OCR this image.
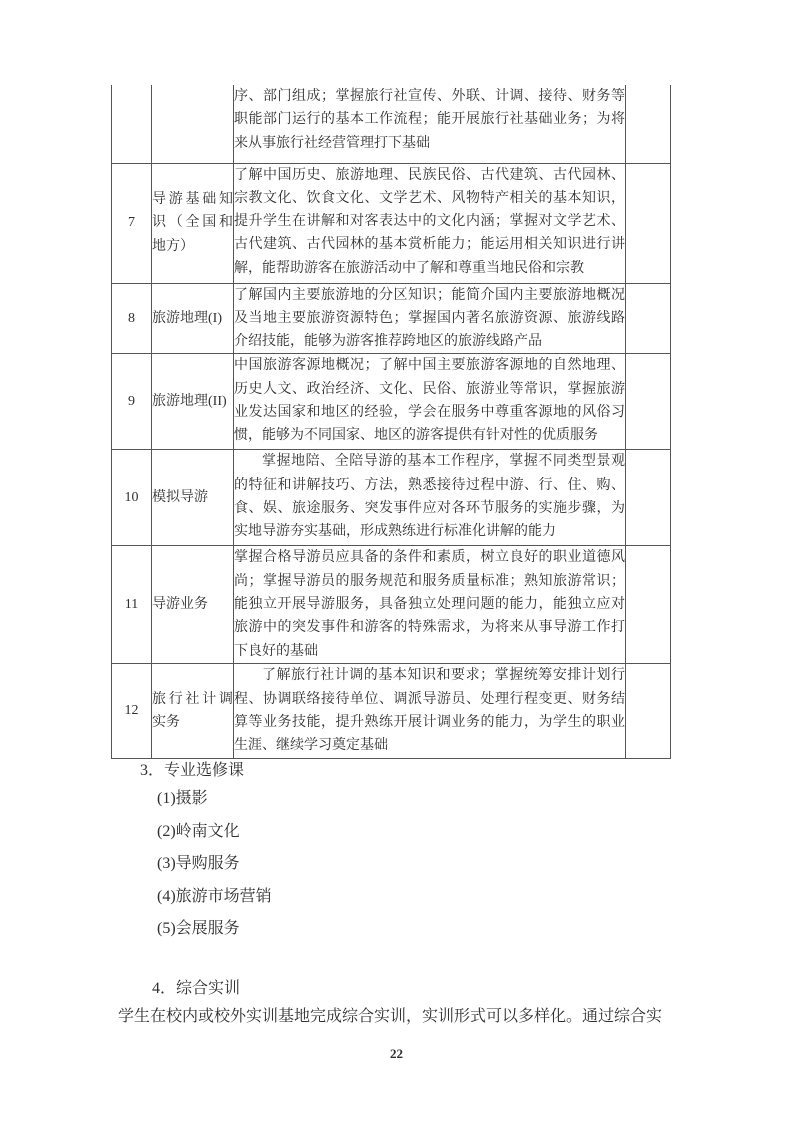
		序、部门组成；掌握旅行社宣传、外联、计调、接待、财务等职能部门运行的基本工作流程；能开展旅行社基础业务；为将来从事旅行社经营管理打下基础	
7	导游基础知识（全国和地方）	了解中国历史、旅游地理、民族民俗、古代建筑、古代园林、宗教文化、饮食文化、文学艺术、风物特产相关的基本知识，提升学生在讲解和对客表达中的文化内涵；掌握对文学艺术、古代建筑、古代园林的基本赏析能力；能运用相关知识进行讲解，能帮助游客在旅游活动中了解和尊重当地民俗和宗教	
8	旅游地理(I)	了解国内主要旅游地的分区知识；能简介国内主要旅游地概况及当地主要旅游资源特色；掌握国内著名旅游资源、旅游线路介绍技能，能够为游客推荐跨地区的旅游线路产品	
9	旅游地理(II)	中国旅游客源地概况；了解中国主要旅游客源地的自然地理、历史人文、政治经济、文化、民俗、旅游业等常识，掌握旅游业发达国家和地区的经验，学会在服务中尊重客源地的风俗习惯，能够为不同国家、地区的游客提供有针对性的优质服务	
10	模拟导游	掌握地陪、全陪导游的基本工作程序，掌握不同类型景观的特征和讲解技巧、方法，熟悉接待过程中游、行、住、购、食、娱、旅途服务、突发事件应对各环节服务的实施步骤，为实地导游夯实基础，形成熟练进行标准化讲解的能力	
11	导游业务	掌握合格导游员应具备的条件和素质，树立良好的职业道德风尚；掌握导游员的服务规范和服务质量标准；熟知旅游常识；能独立开展导游服务，具备独立处理问题的能力，能独立应对旅游中的突发事件和游客的特殊需求，为将来从事导游工作打下良好的基础	
12	旅行社计调实务	了解旅行社计调的基本知识和要求；掌握统筹安排计划行程、协调联络接待单位、调派导游员、处理行程变更、财务结算等业务技能，提升熟练开展计调业务的能力，为学生的职业生涯、继续学习奠定基础	
3．专业选修课
(1)摄影
(2)岭南文化
(3)导购服务
(4)旅游市场营销
(5)会展服务
4．综合实训
学生在校内或校外实训基地完成综合实训，实训形式可以多样化。通过综合实
22
